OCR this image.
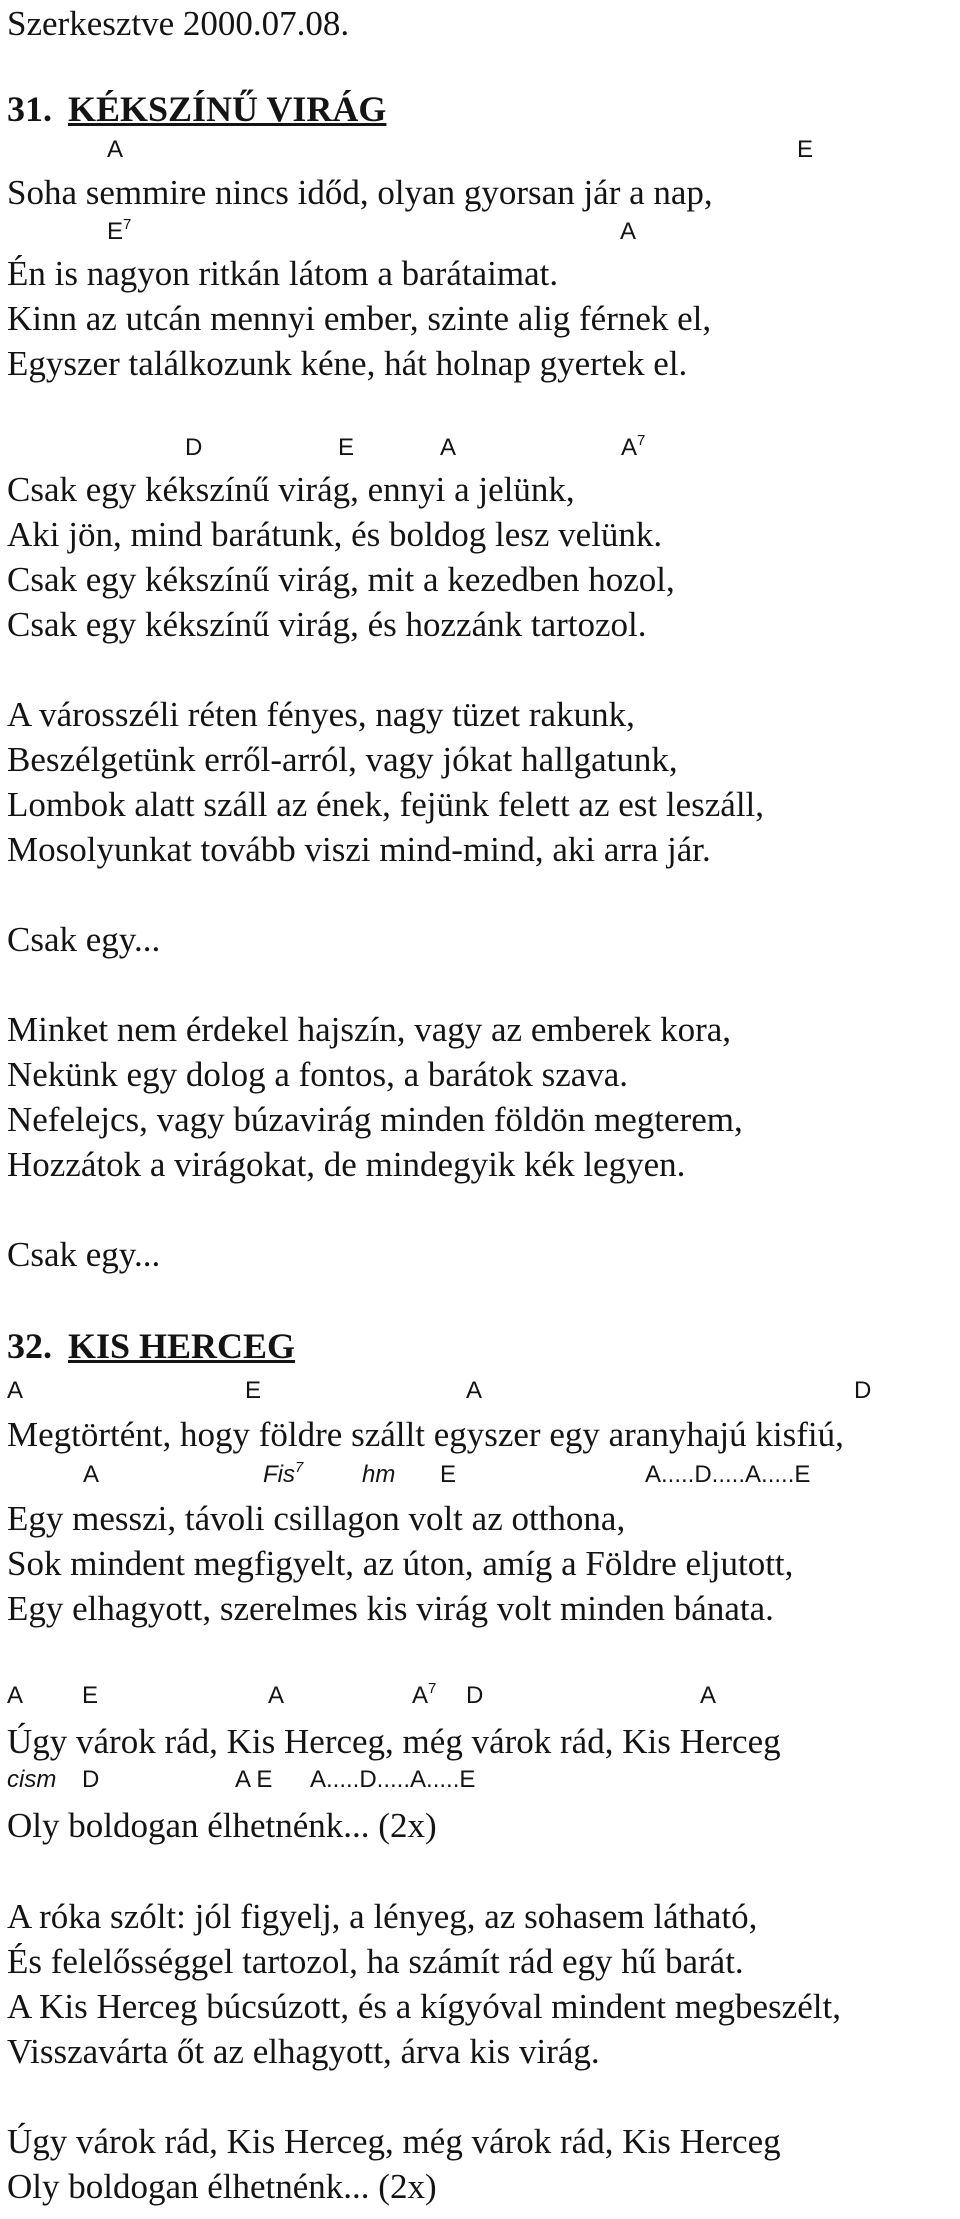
Szerkesztve 2000.07.08.
31. KÉKSZÍNŰ VIRÁG
A	E
Soha semmire nincs időd, olyan gyorsan jár a nap,
$E^7$	A
Én is nagyon ritkán látom a barátaimat.
Kinn az utcán mennyi ember, szinte alig férnek el,
Egyszer találkozunk kéne, hát holnap gyertek el.
D	E	A	$A^7$
Csak egy kékszínű virág, ennyi a jelünk,
Aki jön, mind barátunk, és boldog lesz velünk.
Csak egy kékszínű virág, mit a kezedben hozol,
Csak egy kékszínű virág, és hozzánk tartozol.
A városszéli réten fényes, nagy tüzet rakunk,
Beszélgetünk erről-arról, vagy jókat hallgatunk,
Lombok alatt száll az ének, fejünk felett az est leszáll,
Mosolyunkat tovább viszi mind-mind, aki arra jár.
Csak egy...
Minket nem érdekel hajszín, vagy az emberek kora,
Nekünk egy dolog a fontos, a barátok szava.
Nefelejcs, vagy búzavirág minden földön megterem,
Hozzátok a virágokat, de mindegyik kék legyen.
Csak egy...
32. KIS HERCEG
A	E	A	D
Megtörtént, hogy földre szállt egyszer egy aranyhajú kisfiú,
A	Fis$^7$ hm E	A.....D.....A.....E
Egy messzi, távoli csillagon volt az otthona,
Sok mindent megfigyelt, az úton, amíg a Földre eljutott,
Egy elhagyott, szerelmes kis virág volt minden bánata.
A E	A	$A^7$ D	A
Úgy várok rád, Kis Herceg, még várok rád, Kis Herceg
cism D	A E A.....D.....A.....E
Oly boldogan élhetnénk... (2x)
A róka szólt: jól figyelj, a lényeg, az sohasem látható,
És felelősséggel tartozol, ha számít rád egy hű barát.
A Kis Herceg búcsúzott, és a kígyóval mindent megbeszélt,
Visszavárta őt az elhagyott, árva kis virág.
Úgy várok rád, Kis Herceg, még várok rád, Kis Herceg
Oly boldogan élhetnénk... (2x)
